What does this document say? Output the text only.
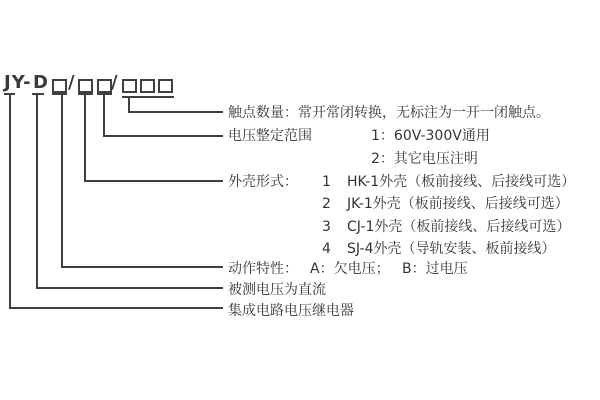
JY- D / /
触点数量：常开常闭转换，无标注为一开一闭触点。
电压整定范围	1：60V-300V通用
2：其它电压注明
外壳形式： 1 HK-1外壳（板前接线、后接线可选）
2 JK-1外壳（板前接线、后接线可选）
3 CJ-1外壳（板前接线、后接线可选）
4 SJ-4外壳（导轨安装、板前接线）
动作特性： A：欠电压； B：过电压
被测电压为直流
集成电路电压继电器
